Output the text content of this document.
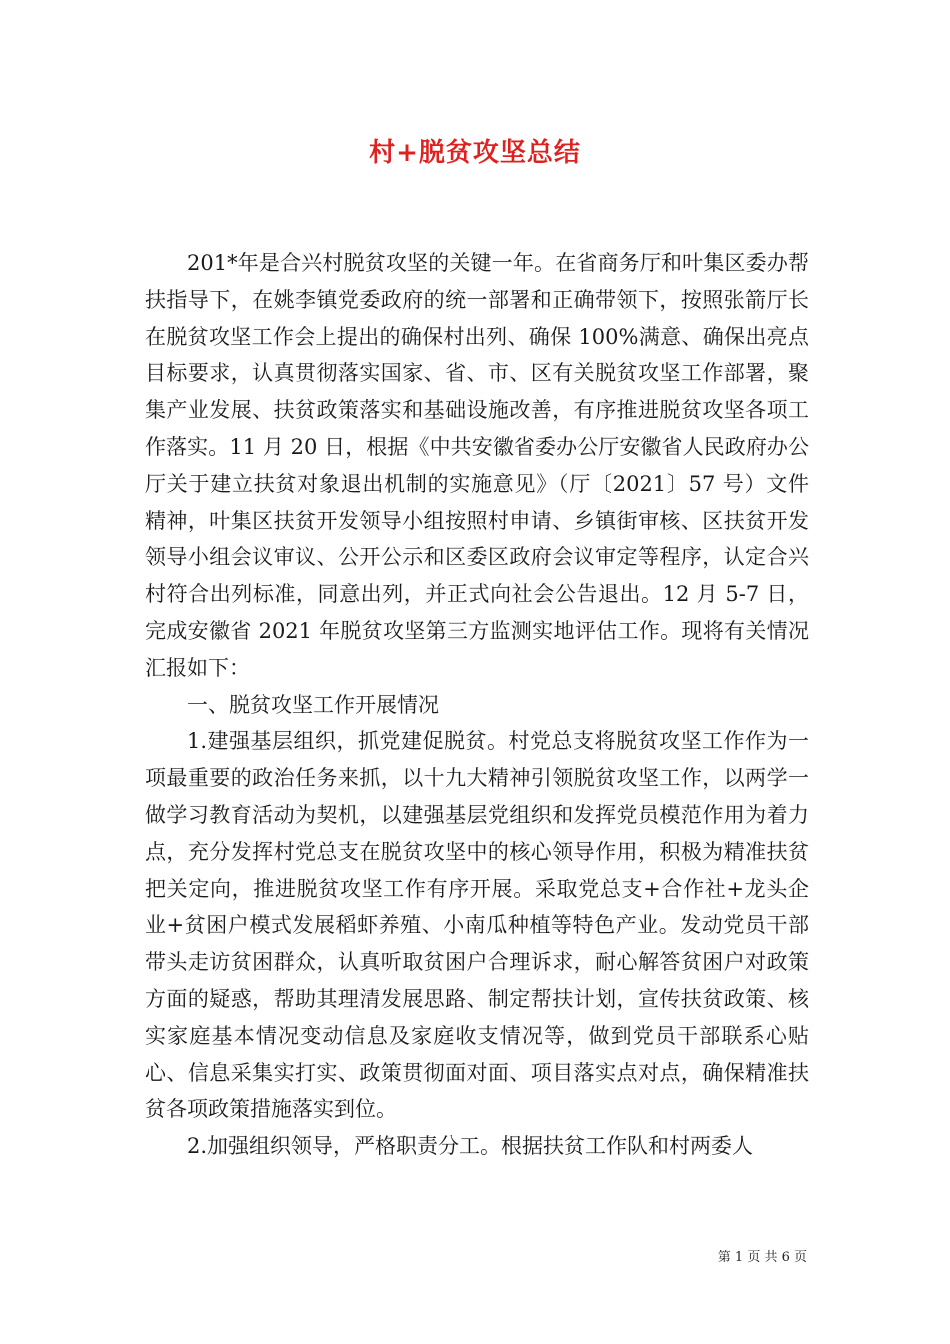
村+脱贫攻坚总结

201*年是合兴村脱贫攻坚的关键一年。在省商务厅和叶集区委办帮扶指导下，在姚李镇党委政府的统一部署和正确带领下，按照张箭厅长在脱贫攻坚工作会上提出的确保村出列、确保 100%满意、确保出亮点目标要求，认真贯彻落实国家、省、市、区有关脱贫攻坚工作部署，聚集产业发展、扶贫政策落实和基础设施改善，有序推进脱贫攻坚各项工作落实。11 月 20 日，根据《中共安徽省委办公厅安徽省人民政府办公厅关于建立扶贫对象退出机制的实施意见》（厅〔2021〕57 号）文件精神，叶集区扶贫开发领导小组按照村申请、乡镇街审核、区扶贫开发领导小组会议审议、公开公示和区委区政府会议审定等程序，认定合兴村符合出列标准，同意出列，并正式向社会公告退出。12 月 5-7 日，完成安徽省 2021 年脱贫攻坚第三方监测实地评估工作。现将有关情况汇报如下：

一、脱贫攻坚工作开展情况

1.建强基层组织，抓党建促脱贫。村党总支将脱贫攻坚工作作为一项最重要的政治任务来抓，以十九大精神引领脱贫攻坚工作，以两学一做学习教育活动为契机，以建强基层党组织和发挥党员模范作用为着力点，充分发挥村党总支在脱贫攻坚中的核心领导作用，积极为精准扶贫把关定向，推进脱贫攻坚工作有序开展。采取党总支+合作社+龙头企业+贫困户模式发展稻虾养殖、小南瓜种植等特色产业。发动党员干部带头走访贫困群众，认真听取贫困户合理诉求，耐心解答贫困户对政策方面的疑惑，帮助其理清发展思路、制定帮扶计划，宣传扶贫政策、核实家庭基本情况变动信息及家庭收支情况等，做到党员干部联系心贴心、信息采集实打实、政策贯彻面对面、项目落实点对点，确保精准扶贫各项政策措施落实到位。

2.加强组织领导，严格职责分工。根据扶贫工作队和村两委人

第 1 页 共 6 页
